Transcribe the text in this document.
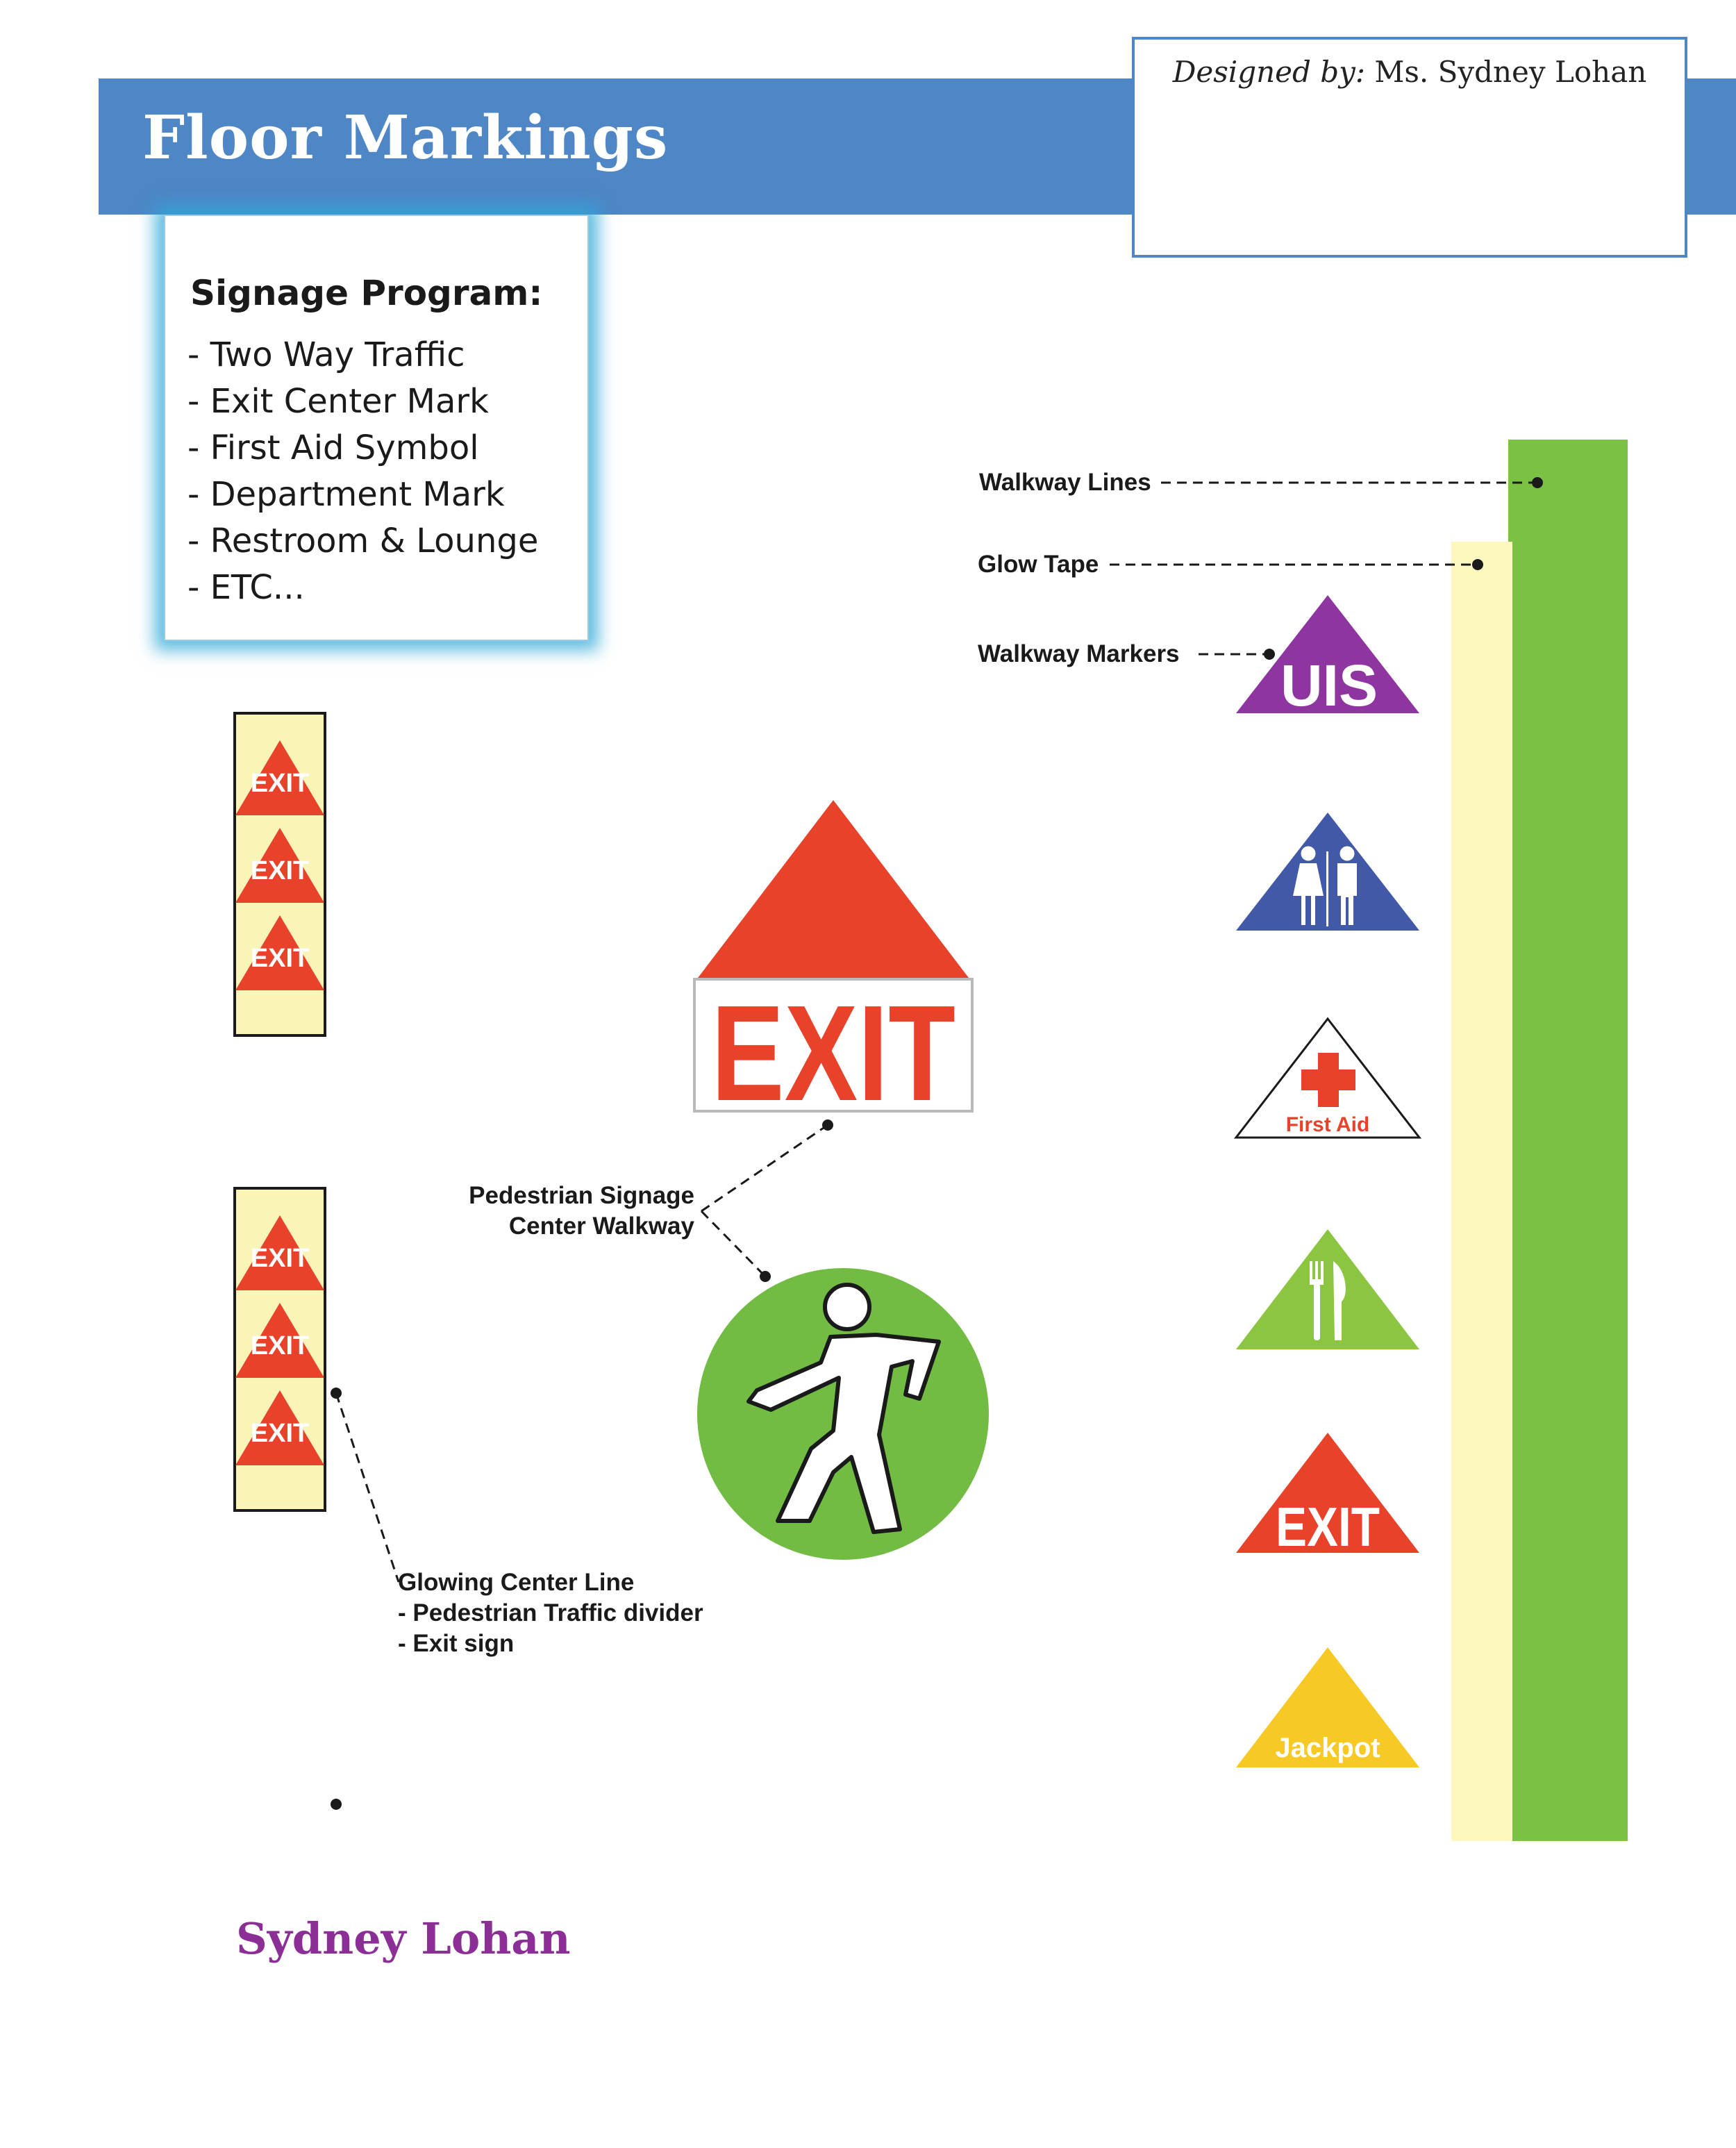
Floor Markings
Designed by: Ms. Sydney Lohan
Signage Program:
- Two Way Traffic
- Exit Center Mark
- First Aid Symbol
- Department Mark
- Restroom & Lounge
- ETC...
EXIT
EXIT
EXIT
EXIT
EXIT
EXIT
EXIT
UIS
First Aid
EXIT
Jackpot
Walkway Lines
Glow Tape
Walkway Markers
Pedestrian Signage
Center Walkway
Glowing Center Line
- Pedestrian Traffic divider
- Exit sign
Sydney Lohan
